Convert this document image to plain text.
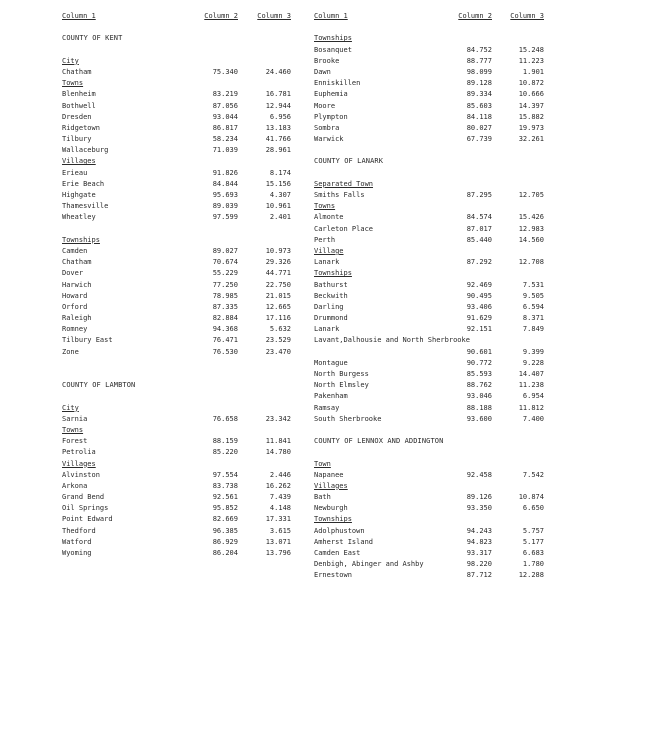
Column 1	Column 2	Column 3
COUNTY OF KENT
City
Chatham	75.340	24.460
Towns
Blenheim	83.219	16.781
Bothwell	87.056	12.944
Dresden	93.044	6.956
Ridgetown	86.817	13.183
Tilbury	58.234	41.766
Wallaceburg	71.039	28.961
Villages
Erieau	91.826	8.174
Erie Beach	84.844	15.156
Highgate	95.693	4.307
Thamesville	89.039	10.961
Wheatley	97.599	2.401
Townships
Camden	89.027	10.973
Chatham	70.674	29.326
Dover	55.229	44.771
Harwich	77.250	22.750
Howard	78.985	21.015
Orford	87.335	12.665
Raleigh	82.884	17.116
Romney	94.368	5.632
Tilbury East	76.471	23.529
Zone	76.530	23.470
COUNTY OF LAMBTON
City
Sarnia	76.658	23.342
Towns
Forest	88.159	11.841
Petrolia	85.220	14.780
Villages
Alvinston	97.554	2.446
Arkona	83.738	16.262
Grand Bend	92.561	7.439
Oil Springs	95.852	4.148
Point Edward	82.669	17.331
Thedford	96.385	3.615
Watford	86.929	13.071
Wyoming	86.204	13.796
Column 1	Column 2	Column 3
Townships
Bosanquet	84.752	15.248
Brooke	88.777	11.223
Dawn	98.099	1.901
Enniskillen	89.128	10.872
Euphemia	89.334	10.666
Moore	85.603	14.397
Plympton	84.118	15.882
Sombra	80.027	19.973
Warwick	67.739	32.261
COUNTY OF LANARK
Separated Town
Smiths Falls	87.295	12.705
Towns
Almonte	84.574	15.426
Carleton Place	87.017	12.983
Perth	85.440	14.560
Village
Lanark	87.292	12.708
Townships
Bathurst	92.469	7.531
Beckwith	90.495	9.505
Darling	93.406	6.594
Drummond	91.629	8.371
Lanark	92.151	7.849
Lavant,Dalhousie and North Sherbrooke
90.601	9.399
Montague	90.772	9.228
North Burgess	85.593	14.407
North Elmsley	88.762	11.238
Pakenham	93.046	6.954
Ramsay	88.188	11.812
South Sherbrooke	93.600	7.400
COUNTY OF LENNOX AND ADDINGTON
Town
Napanee	92.458	7.542
Villages
Bath	89.126	10.874
Newburgh	93.350	6.650
Townships
Adolphustown	94.243	5.757
Amherst Island	94.823	5.177
Camden East	93.317	6.683
Denbigh, Abinger and Ashby	98.220	1.780
Ernestown	87.712	12.288
